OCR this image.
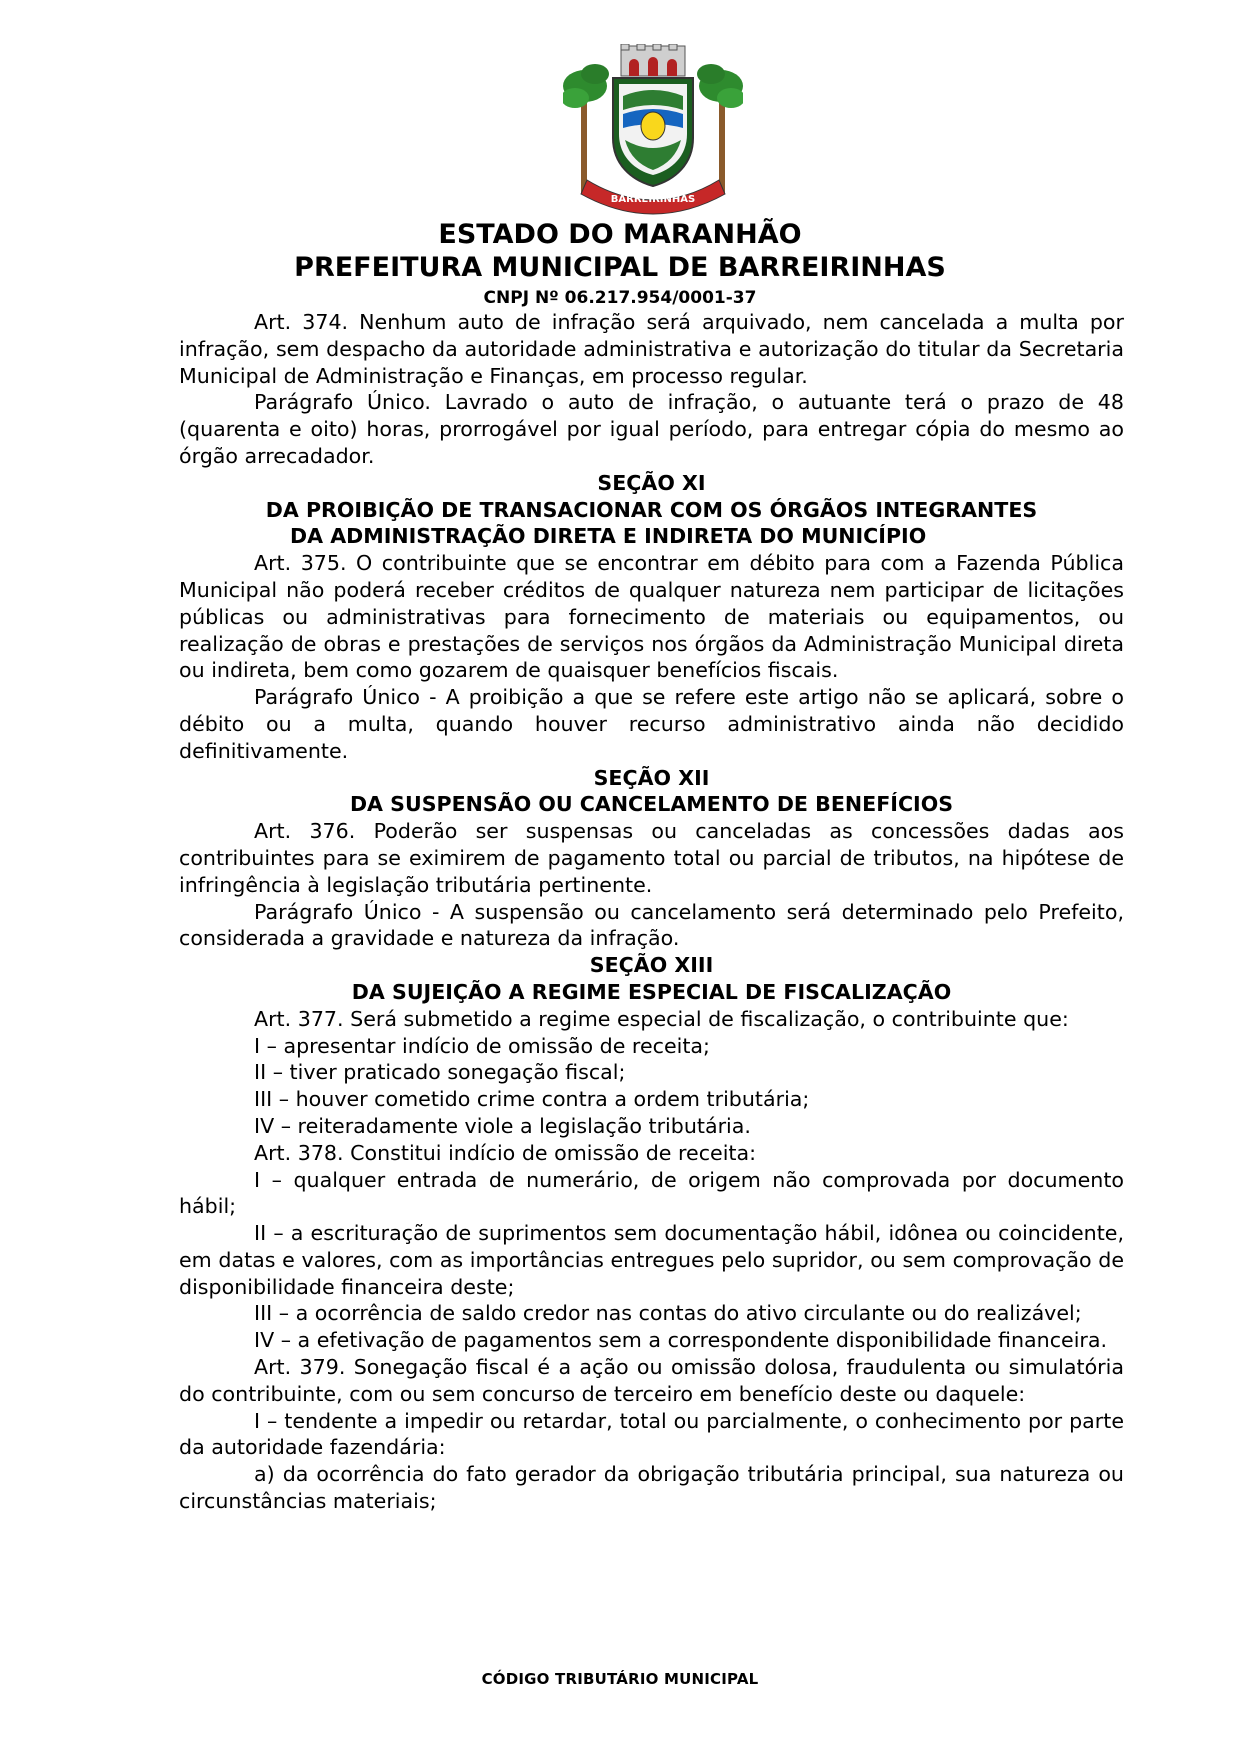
BARREIRINHAS
ESTADO DO MARANHÃO
PREFEITURA MUNICIPAL DE BARREIRINHAS
CNPJ Nº 06.217.954/0001-37

Art. 374. Nenhum auto de infração será arquivado, nem cancelada a multa por infração, sem despacho da autoridade administrativa e autorização do titular da Secretaria Municipal de Administração e Finanças, em processo regular.

Parágrafo Único. Lavrado o auto de infração, o autuante terá o prazo de 48 (quarenta e oito) horas, prorrogável por igual período, para entregar cópia do mesmo ao órgão arrecadador.

SEÇÃO XI

DA PROIBIÇÃO DE TRANSACIONAR COM OS ÓRGÃOS INTEGRANTES

DA ADMINISTRAÇÃO DIRETA E INDIRETA DO MUNICÍPIO

Art. 375. O contribuinte que se encontrar em débito para com a Fazenda Pública Municipal não poderá receber créditos de qualquer natureza nem participar de licitações públicas ou administrativas para fornecimento de materiais ou equipamentos, ou realização de obras e prestações de serviços nos órgãos da Administração Municipal direta ou indireta, bem como gozarem de quaisquer benefícios fiscais.

Parágrafo Único - A proibição a que se refere este artigo não se aplicará, sobre o débito ou a multa, quando houver recurso administrativo ainda não decidido definitivamente.

SEÇÃO XII

DA SUSPENSÃO OU CANCELAMENTO DE BENEFÍCIOS

Art. 376. Poderão ser suspensas ou canceladas as concessões dadas aos contribuintes para se eximirem de pagamento total ou parcial de tributos, na hipótese de infringência à legislação tributária pertinente.

Parágrafo Único - A suspensão ou cancelamento será determinado pelo Prefeito, considerada a gravidade e natureza da infração.

SEÇÃO XIII

DA SUJEIÇÃO A REGIME ESPECIAL DE FISCALIZAÇÃO

Art. 377. Será submetido a regime especial de fiscalização, o contribuinte que:

I – apresentar indício de omissão de receita;

II – tiver praticado sonegação fiscal;

III – houver cometido crime contra a ordem tributária;

IV – reiteradamente viole a legislação tributária.

Art. 378. Constitui indício de omissão de receita:

I – qualquer entrada de numerário, de origem não comprovada por documento hábil;

II – a escrituração de suprimentos sem documentação hábil, idônea ou coincidente, em datas e valores, com as importâncias entregues pelo supridor, ou sem comprovação de disponibilidade financeira deste;

III – a ocorrência de saldo credor nas contas do ativo circulante ou do realizável;

IV – a efetivação de pagamentos sem a correspondente disponibilidade financeira.

Art. 379. Sonegação fiscal é a ação ou omissão dolosa, fraudulenta ou simulatória do contribuinte, com ou sem concurso de terceiro em benefício deste ou daquele:

I – tendente a impedir ou retardar, total ou parcialmente, o conhecimento por parte da autoridade fazendária:

a) da ocorrência do fato gerador da obrigação tributária principal, sua natureza ou circunstâncias materiais;

CÓDIGO TRIBUTÁRIO MUNICIPAL
